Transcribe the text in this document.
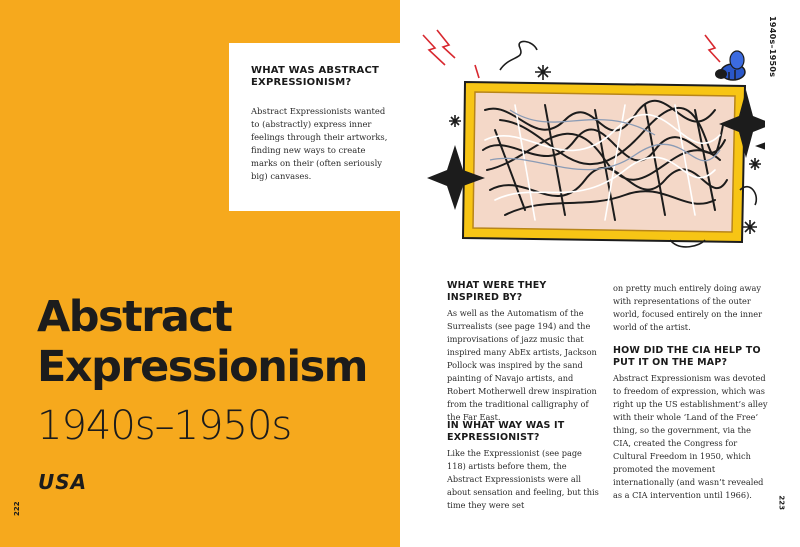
WHAT WAS ABSTRACT EXPRESSIONISM?
Abstract Expressionists wanted to (abstractly) express inner feelings through their artworks, finding new ways to create marks on their (often seriously big) canvases.
Abstract
Expressionism
1940s–1950s
USA
222
1940s–1950s
WHAT WERE THEY INSPIRED BY?
As well as the Automatism of the Surrealists (see page 194) and the improvisations of jazz music that inspired many AbEx artists, Jackson Pollock was inspired by the sand painting of Navajo artists, and Robert Motherwell drew inspiration from the traditional calligraphy of the Far East.
IN WHAT WAY WAS IT EXPRESSIONIST?
Like the Expressionist (see page 118) artists before them, the Abstract Expressionists were all about sensation and feeling, but this time they were set
on pretty much entirely doing away with representations of the outer world, focused entirely on the inner world of the artist.
HOW DID THE CIA HELP TO PUT IT ON THE MAP?
Abstract Expressionism was devoted to freedom of expression, which was right up the US establishment’s alley with their whole ‘Land of the Free’ thing, so the government, via the CIA, created the Congress for Cultural Freedom in 1950, which promoted the movement internationally (and wasn’t revealed as a CIA intervention until 1966).
223
